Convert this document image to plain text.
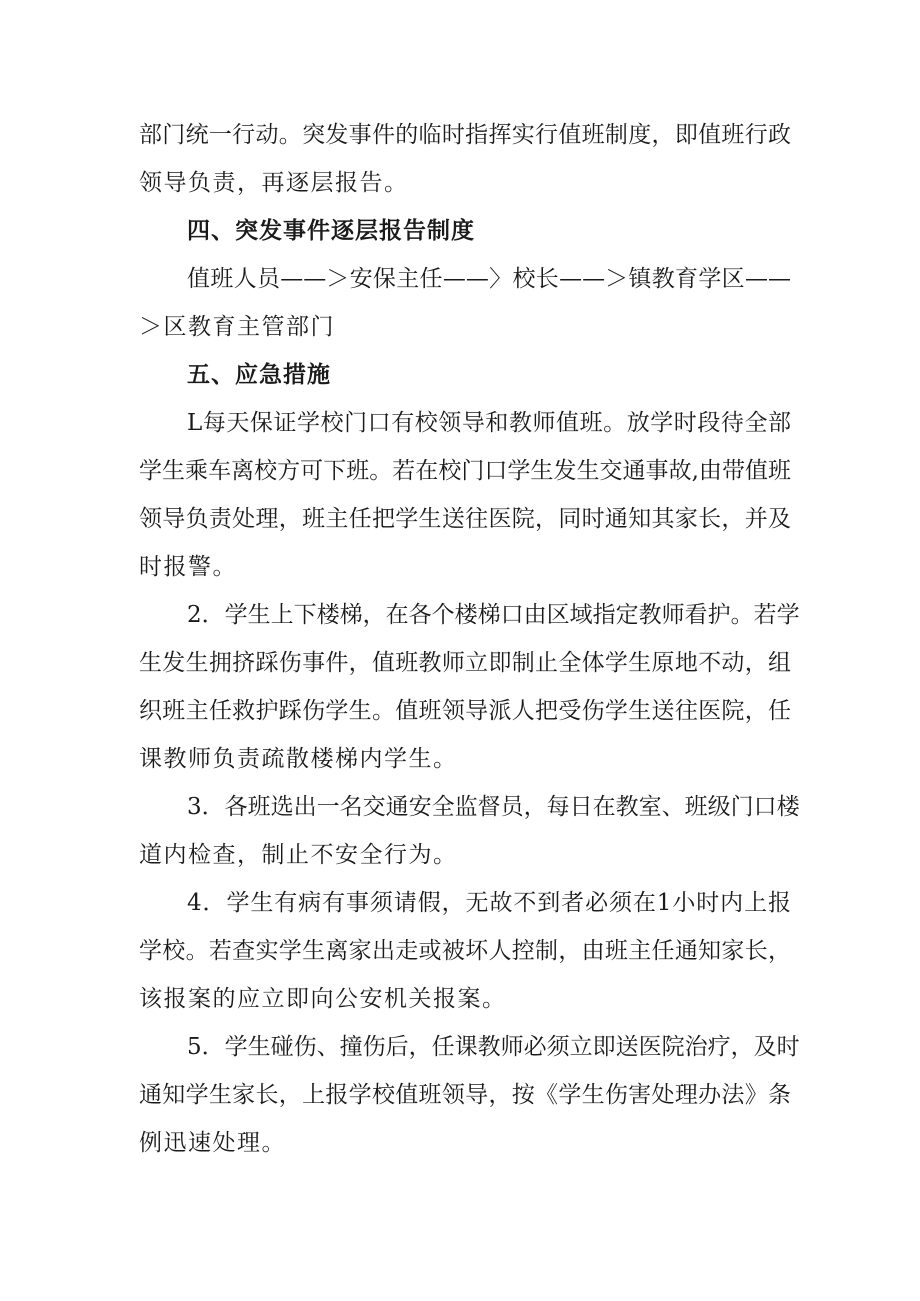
部门统一行动。突发事件的临时指挥实行值班制度，即值班行政
领导负责，再逐层报告。
四、突发事件逐层报告制度
值班人员——＞安保主任——〉校长——＞镇教育学区——
＞区教育主管部门
五、应急措施
L每天保证学校门口有校领导和教师值班。放学时段待全部
学生乘车离校方可下班。若在校门口学生发生交通事故,由带值班
领导负责处理，班主任把学生送往医院，同时通知其家长，并及
时报警。
2．学生上下楼梯，在各个楼梯口由区域指定教师看护。若学
生发生拥挤踩伤事件，值班教师立即制止全体学生原地不动，组
织班主任救护踩伤学生。值班领导派人把受伤学生送往医院，任
课教师负责疏散楼梯内学生。
3．各班选出一名交通安全监督员，每日在教室、班级门口楼
道内检查，制止不安全行为。
4．学生有病有事须请假，无故不到者必须在1小时内上报
学校。若查实学生离家出走或被坏人控制，由班主任通知家长，
该报案的应立即向公安机关报案。
5．学生碰伤、撞伤后，任课教师必须立即送医院治疗，及时
通知学生家长，上报学校值班领导，按《学生伤害处理办法》条
例迅速处理。
